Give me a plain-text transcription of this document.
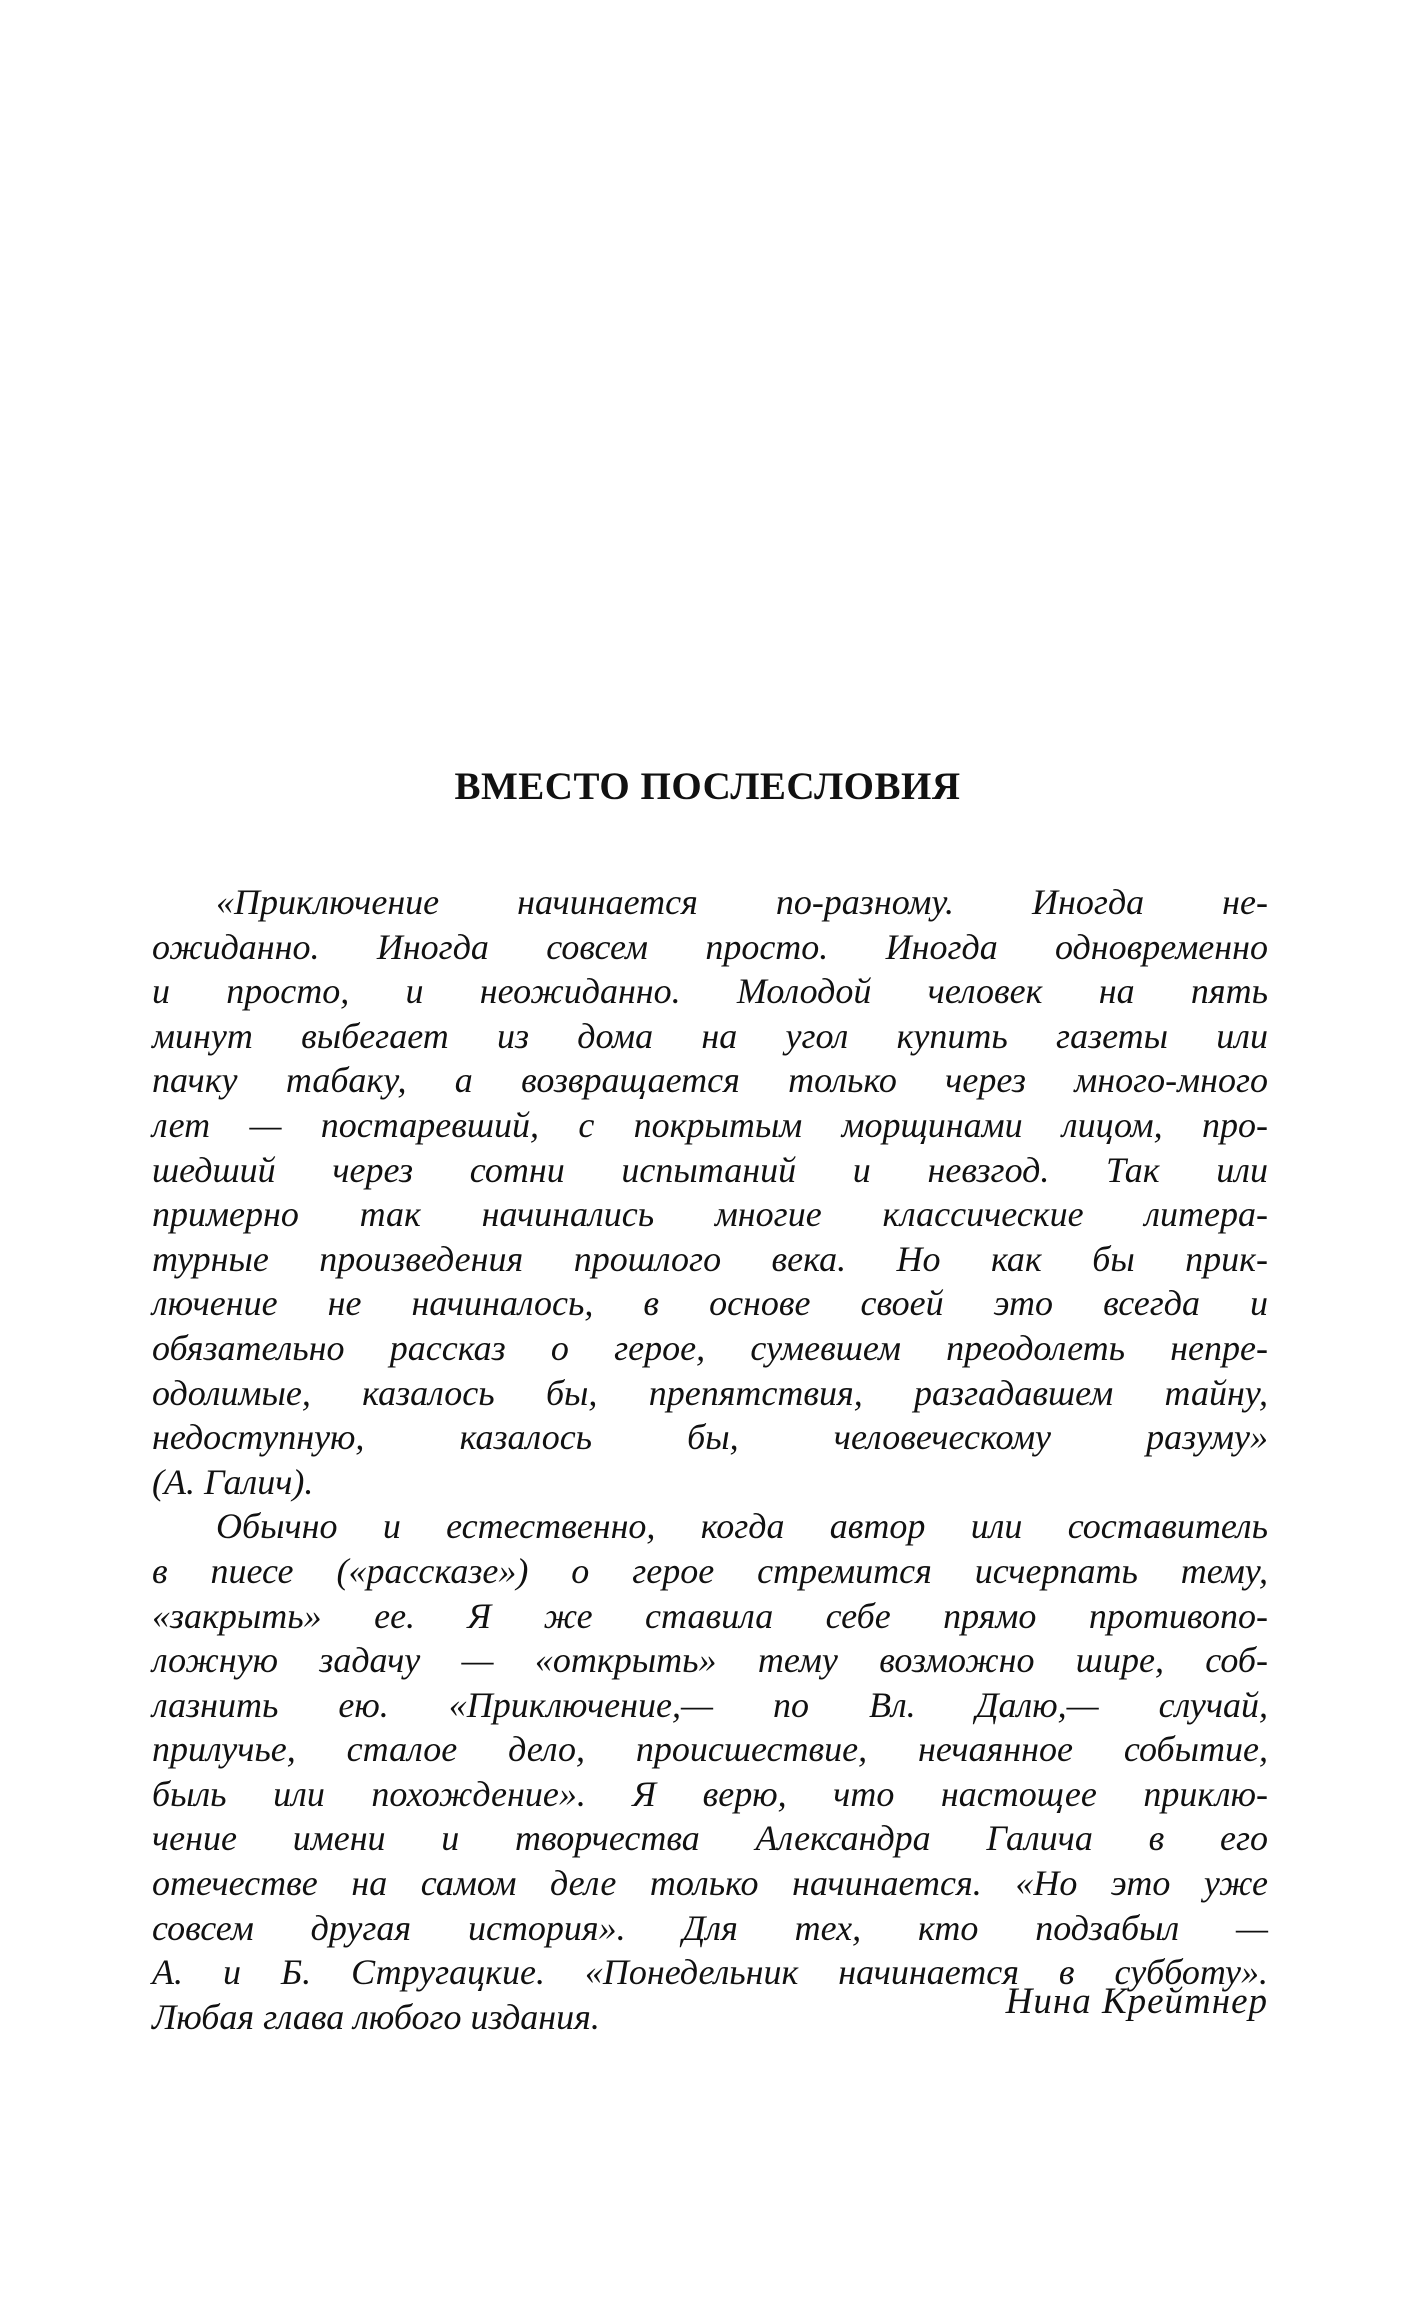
ВМЕСТО ПОСЛЕСЛОВИЯ
«Приключение начинается по-разному. Иногда не-
ожиданно. Иногда совсем просто. Иногда одновременно
и просто, и неожиданно. Молодой человек на пять
минут выбегает из дома на угол купить газеты или
пачку табаку, а возвращается только через много-много
лет — постаревший, с покрытым морщинами лицом, про-
шедший через сотни испытаний и невзгод. Так или
примерно так начинались многие классические литера-
турные произведения прошлого века. Но как бы прик-
лючение не начиналось, в основе своей это всегда и
обязательно рассказ о герое, сумевшем преодолеть непре-
одолимые, казалось бы, препятствия, разгадавшем тайну,
недоступную, казалось бы, человеческому разуму»
(А. Галич).
Обычно и естественно, когда автор или составитель
в пиесе («рассказе») о герое стремится исчерпать тему,
«закрыть» ее. Я же ставила себе прямо противопо-
ложную задачу — «открыть» тему возможно шире, соб-
лазнить ею. «Приключение,— по Вл. Далю,— случай,
прилучье, сталое дело, происшествие, нечаянное событие,
быль или похождение». Я верю, что настощее приклю-
чение имени и творчества Александра Галича в его
отечестве на самом деле только начинается. «Но это уже
совсем другая история». Для тех, кто подзабыл —
А. и Б. Стругацкие. «Понедельник начинается в субботу».
Любая глава любого издания.	Нина Крейтнер
